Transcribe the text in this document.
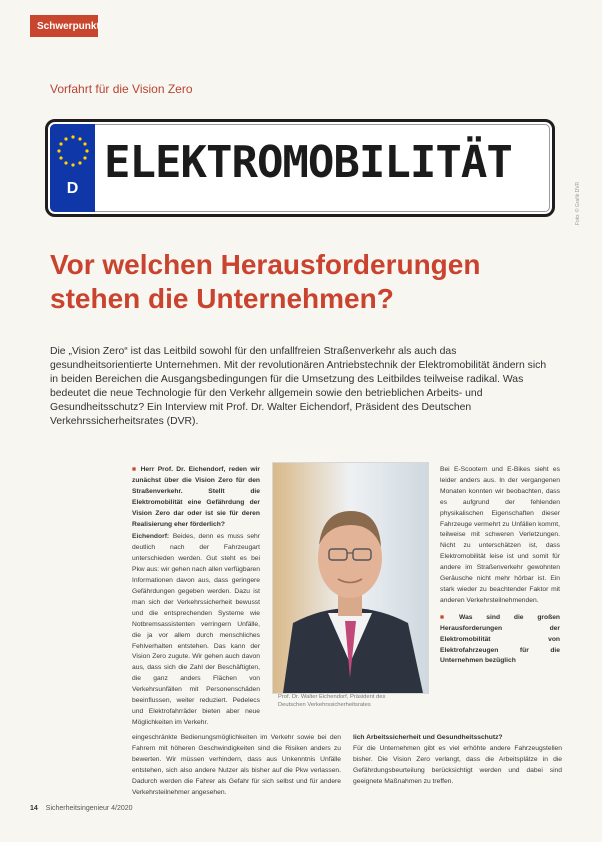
Schwerpunkt
Vorfahrt für die Vision Zero
D
ELEKTROMOBILITÄT
Foto: © Grafik DVR
Vor welchen Herausforderungen stehen die Unternehmen?
Die „Vision Zero“ ist das Leitbild sowohl für den unfallfreien Straßenverkehr als auch das gesundheitsorientierte Unternehmen. Mit der revolutionären Antriebstechnik der Elektromobilität ändern sich in beiden Bereichen die Ausgangsbedingungen für die Umsetzung des Leitbildes teilweise radikal. Was bedeutet die neue Technologie für den Verkehr allgemein sowie den betrieblichen Arbeits- und Gesundheitsschutz? Ein Interview mit Prof. Dr. Walter Eichendorf, Präsident des Deutschen Verkehrssicherheitsrates (DVR).
■ Herr Prof. Dr. Eichendorf, reden wir zunächst über die Vision Zero für den Straßenverkehr. Stellt die Elektromobilität eine Gefährdung der Vision Zero dar oder ist sie für deren Realisierung eher förderlich?
Eichendorf: Beides, denn es muss sehr deutlich nach der Fahrzeugart unterschieden werden. Gut steht es bei Pkw aus: wir gehen nach allen verfügbaren Informationen davon aus, dass geringere Gefährdungen gegeben werden. Dazu ist man sich der Verkehrssicherheit bewusst und die entsprechenden Systeme wie Notbremsassistenten verringern Unfälle, die ja vor allem durch menschliches Fehlverhalten entstehen. Das kann der Vision Zero zugute. Wir gehen auch davon aus, dass sich die Zahl der Beschäftigten, die ganz anders Flächen von Verkehrsunfällen mit Personenschäden beeinflussen, weiter reduziert. Pedelecs und Elektrofahrräder bieten aber neue Möglichkeiten im Verkehr.
Prof. Dr. Walter Eichendorf, Präsident des Deutschen Verkehrssicherheitsrates
Bei E-Scootern und E-Bikes sieht es leider anders aus. In der vergangenen Monaten konnten wir beobachten, dass es aufgrund der fehlenden physikalischen Eigenschaften dieser Fahrzeuge vermehrt zu Unfällen kommt, teilweise mit schweren Verletzungen. Nicht zu unterschätzen ist, dass Elektromobilität leise ist und somit für andere im Straßenverkehr gewohnten Geräusche nicht mehr hörbar ist. Ein stark wieder zu beachtender Faktor mit anderen Verkehrsteilnehmenden.
■ Was sind die großen Herausforderungen der Elektromobilität von Elektrofahrzeugen für die Unternehmen bezüglich
eingeschränkte Bedienungsmöglichkeiten im Verkehr sowie bei den Fahrern mit höheren Geschwindigkeiten sind die Risiken anders zu bewerten. Wir müssen verhindern, dass aus Unkenntnis Unfälle entstehen, sich also andere Nutzer als bisher auf die Pkw verlassen. Dadurch werden die Fahrer als Gefahr für sich selbst und für andere Verkehrsteilnehmer angesehen.
lich Arbeitssicherheit und Gesundheitsschutz?
Für die Unternehmen gibt es viel erhöhte andere Fahrzeugstellen bisher. Die Vision Zero verlangt, dass die Arbeitsplätze in die Gefährdungsbeurteilung berücksichtigt werden und dabei sind geeignete Maßnahmen zu treffen.
14 Sicherheitsingenieur 4/2020
